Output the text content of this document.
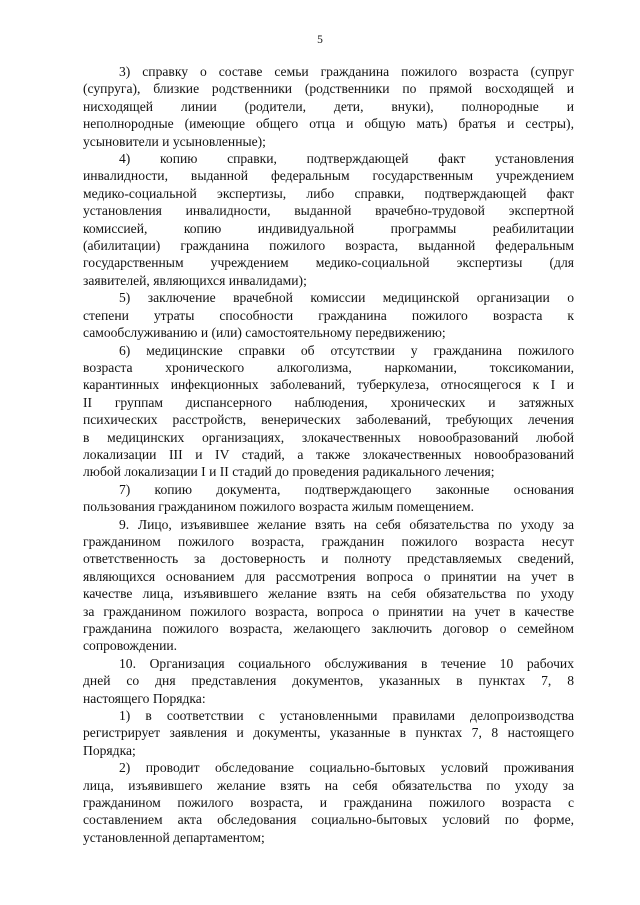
5
3) справку о составе семьи гражданина пожилого возраста (супруг
(супруга), близкие родственники (родственники по прямой восходящей и
нисходящей линии (родители, дети, внуки), полнородные и
неполнородные (имеющие общего отца и общую мать) братья и сестры),
усыновители и усыновленные);
4) копию справки, подтверждающей факт установления
инвалидности, выданной федеральным государственным учреждением
медико-социальной экспертизы, либо справки, подтверждающей факт
установления инвалидности, выданной врачебно-трудовой экспертной
комиссией, копию индивидуальной программы реабилитации
(абилитации) гражданина пожилого возраста, выданной федеральным
государственным учреждением медико-социальной экспертизы (для
заявителей, являющихся инвалидами);
5) заключение врачебной комиссии медицинской организации о
степени утраты способности гражданина пожилого возраста к
самообслуживанию и (или) самостоятельному передвижению;
6) медицинские справки об отсутствии у гражданина пожилого
возраста хронического алкоголизма, наркомании, токсикомании,
карантинных инфекционных заболеваний, туберкулеза, относящегося к I и
II группам диспансерного наблюдения, хронических и затяжных
психических расстройств, венерических заболеваний, требующих лечения
в медицинских организациях, злокачественных новообразований любой
локализации III и IV стадий, а также злокачественных новообразований
любой локализации I и II стадий до проведения радикального лечения;
7) копию документа, подтверждающего законные основания
пользования гражданином пожилого возраста жилым помещением.
9. Лицо, изъявившее желание взять на себя обязательства по уходу за
гражданином пожилого возраста, гражданин пожилого возраста несут
ответственность за достоверность и полноту представляемых сведений,
являющихся основанием для рассмотрения вопроса о принятии на учет в
качестве лица, изъявившего желание взять на себя обязательства по уходу
за гражданином пожилого возраста, вопроса о принятии на учет в качестве
гражданина пожилого возраста, желающего заключить договор о семейном
сопровождении.
10. Организация социального обслуживания в течение 10 рабочих
дней со дня представления документов, указанных в пунктах 7, 8
настоящего Порядка:
1) в соответствии с установленными правилами делопроизводства
регистрирует заявления и документы, указанные в пунктах 7, 8 настоящего
Порядка;
2) проводит обследование социально-бытовых условий проживания
лица, изъявившего желание взять на себя обязательства по уходу за
гражданином пожилого возраста, и гражданина пожилого возраста с
составлением акта обследования социально-бытовых условий по форме,
установленной департаментом;
